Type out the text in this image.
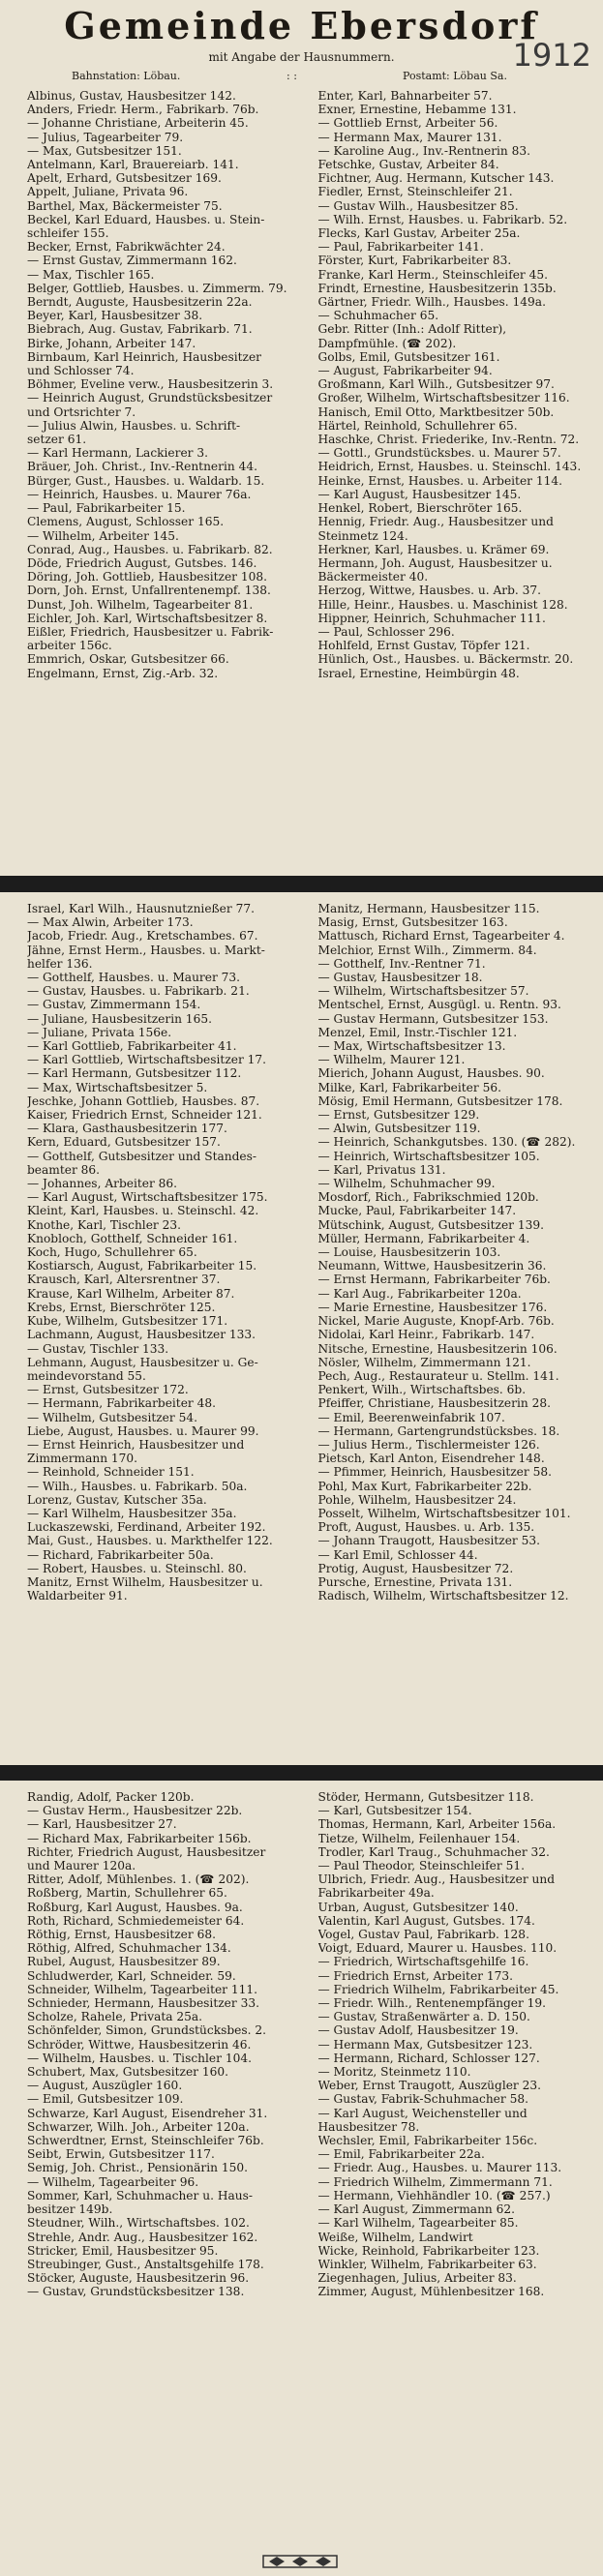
Gemeinde Ebersdorf
1912
mit Angabe der Hausnummern.
Bahnstation: Löbau.	: :	Postamt: Löbau Sa.
Albinus, Gustav, Hausbesitzer 142.
Anders, Friedr. Herm., Fabrikarb. 76b.
— Johanne Christiane, Arbeiterin 45.
— Julius, Tagearbeiter 79.
— Max, Gutsbesitzer 151.
Antelmann, Karl, Brauereiarb. 141.
Apelt, Erhard, Gutsbesitzer 169.
Appelt, Juliane, Privata 96.
Barthel, Max, Bäckermeister 75.
Beckel, Karl Eduard, Hausbes. u. Stein-
schleifer 155.
Becker, Ernst, Fabrikwächter 24.
— Ernst Gustav, Zimmermann 162.
— Max, Tischler 165.
Belger, Gottlieb, Hausbes. u. Zimmerm. 79.
Berndt, Auguste, Hausbesitzerin 22a.
Beyer, Karl, Hausbesitzer 38.
Biebrach, Aug. Gustav, Fabrikarb. 71.
Birke, Johann, Arbeiter 147.
Birnbaum, Karl Heinrich, Hausbesitzer
und Schlosser 74.
Böhmer, Eveline verw., Hausbesitzerin 3.
— Heinrich August, Grundstücksbesitzer
und Ortsrichter 7.
— Julius Alwin, Hausbes. u. Schrift-
setzer 61.
— Karl Hermann, Lackierer 3.
Bräuer, Joh. Christ., Inv.-Rentnerin 44.
Bürger, Gust., Hausbes. u. Waldarb. 15.
— Heinrich, Hausbes. u. Maurer 76a.
— Paul, Fabrikarbeiter 15.
Clemens, August, Schlosser 165.
— Wilhelm, Arbeiter 145.
Conrad, Aug., Hausbes. u. Fabrikarb. 82.
Döde, Friedrich August, Gutsbes. 146.
Döring, Joh. Gottlieb, Hausbesitzer 108.
Dorn, Joh. Ernst, Unfallrentenempf. 138.
Dunst, Joh. Wilhelm, Tagearbeiter 81.
Eichler, Joh. Karl, Wirtschaftsbesitzer 8.
Eißler, Friedrich, Hausbesitzer u. Fabrik-
arbeiter 156c.
Emmrich, Oskar, Gutsbesitzer 66.
Engelmann, Ernst, Zig.-Arb. 32.
Enter, Karl, Bahnarbeiter 57.
Exner, Ernestine, Hebamme 131.
— Gottlieb Ernst, Arbeiter 56.
— Hermann Max, Maurer 131.
— Karoline Aug., Inv.-Rentnerin 83.
Fetschke, Gustav, Arbeiter 84.
Fichtner, Aug. Hermann, Kutscher 143.
Fiedler, Ernst, Steinschleifer 21.
— Gustav Wilh., Hausbesitzer 85.
— Wilh. Ernst, Hausbes. u. Fabrikarb. 52.
Flecks, Karl Gustav, Arbeiter 25a.
— Paul, Fabrikarbeiter 141.
Förster, Kurt, Fabrikarbeiter 83.
Franke, Karl Herm., Steinschleifer 45.
Frindt, Ernestine, Hausbesitzerin 135b.
Gärtner, Friedr. Wilh., Hausbes. 149a.
— Schuhmacher 65.
Gebr. Ritter (Inh.: Adolf Ritter),
Dampfmühle. (☎ 202).
Golbs, Emil, Gutsbesitzer 161.
— August, Fabrikarbeiter 94.
Großmann, Karl Wilh., Gutsbesitzer 97.
Großer, Wilhelm, Wirtschaftsbesitzer 116.
Hanisch, Emil Otto, Marktbesitzer 50b.
Härtel, Reinhold, Schullehrer 65.
Haschke, Christ. Friederike, Inv.-Rentn. 72.
— Gottl., Grundstücksbes. u. Maurer 57.
Heidrich, Ernst, Hausbes. u. Steinschl. 143.
Heinke, Ernst, Hausbes. u. Arbeiter 114.
— Karl August, Hausbesitzer 145.
Henkel, Robert, Bierschröter 165.
Hennig, Friedr. Aug., Hausbesitzer und
Steinmetz 124.
Herkner, Karl, Hausbes. u. Krämer 69.
Hermann, Joh. August, Hausbesitzer u.
Bäckermeister 40.
Herzog, Wittwe, Hausbes. u. Arb. 37.
Hille, Heinr., Hausbes. u. Maschinist 128.
Hippner, Heinrich, Schuhmacher 111.
— Paul, Schlosser 296.
Hohlfeld, Ernst Gustav, Töpfer 121.
Hünlich, Ost., Hausbes. u. Bäckermstr. 20.
Israel, Ernestine, Heimbürgin 48.
Israel, Karl Wilh., Hausnutznießer 77.
— Max Alwin, Arbeiter 173.
Jacob, Friedr. Aug., Kretschambes. 67.
Jähne, Ernst Herm., Hausbes. u. Markt-
helfer 136.
— Gotthelf, Hausbes. u. Maurer 73.
— Gustav, Hausbes. u. Fabrikarb. 21.
— Gustav, Zimmermann 154.
— Juliane, Hausbesitzerin 165.
— Juliane, Privata 156e.
— Karl Gottlieb, Fabrikarbeiter 41.
— Karl Gottlieb, Wirtschaftsbesitzer 17.
— Karl Hermann, Gutsbesitzer 112.
— Max, Wirtschaftsbesitzer 5.
Jeschke, Johann Gottlieb, Hausbes. 87.
Kaiser, Friedrich Ernst, Schneider 121.
— Klara, Gasthausbesitzerin 177.
Kern, Eduard, Gutsbesitzer 157.
— Gotthelf, Gutsbesitzer und Standes-
beamter 86.
— Johannes, Arbeiter 86.
— Karl August, Wirtschaftsbesitzer 175.
Kleint, Karl, Hausbes. u. Steinschl. 42.
Knothe, Karl, Tischler 23.
Knobloch, Gotthelf, Schneider 161.
Koch, Hugo, Schullehrer 65.
Kostiarsch, August, Fabrikarbeiter 15.
Krausch, Karl, Altersrentner 37.
Krause, Karl Wilhelm, Arbeiter 87.
Krebs, Ernst, Bierschröter 125.
Kube, Wilhelm, Gutsbesitzer 171.
Lachmann, August, Hausbesitzer 133.
— Gustav, Tischler 133.
Lehmann, August, Hausbesitzer u. Ge-
meindevorstand 55.
— Ernst, Gutsbesitzer 172.
— Hermann, Fabrikarbeiter 48.
— Wilhelm, Gutsbesitzer 54.
Liebe, August, Hausbes. u. Maurer 99.
— Ernst Heinrich, Hausbesitzer und
Zimmermann 170.
— Reinhold, Schneider 151.
— Wilh., Hausbes. u. Fabrikarb. 50a.
Lorenz, Gustav, Kutscher 35a.
— Karl Wilhelm, Hausbesitzer 35a.
Luckaszewski, Ferdinand, Arbeiter 192.
Mai, Gust., Hausbes. u. Markthelfer 122.
— Richard, Fabrikarbeiter 50a.
— Robert, Hausbes. u. Steinschl. 80.
Manitz, Ernst Wilhelm, Hausbesitzer u.
Waldarbeiter 91.
Manitz, Hermann, Hausbesitzer 115.
Masig, Ernst, Gutsbesitzer 163.
Mattusch, Richard Ernst, Tagearbeiter 4.
Melchior, Ernst Wilh., Zimmerm. 84.
— Gotthelf, Inv.-Rentner 71.
— Gustav, Hausbesitzer 18.
— Wilhelm, Wirtschaftsbesitzer 57.
Mentschel, Ernst, Ausgügl. u. Rentn. 93.
— Gustav Hermann, Gutsbesitzer 153.
Menzel, Emil, Instr.-Tischler 121.
— Max, Wirtschaftsbesitzer 13.
— Wilhelm, Maurer 121.
Mierich, Johann August, Hausbes. 90.
Milke, Karl, Fabrikarbeiter 56.
Mösig, Emil Hermann, Gutsbesitzer 178.
— Ernst, Gutsbesitzer 129.
— Alwin, Gutsbesitzer 119.
— Heinrich, Schankgutsbes. 130. (☎ 282).
— Heinrich, Wirtschaftsbesitzer 105.
— Karl, Privatus 131.
— Wilhelm, Schuhmacher 99.
Mosdorf, Rich., Fabrikschmied 120b.
Mucke, Paul, Fabrikarbeiter 147.
Mütschink, August, Gutsbesitzer 139.
Müller, Hermann, Fabrikarbeiter 4.
— Louise, Hausbesitzerin 103.
Neumann, Wittwe, Hausbesitzerin 36.
— Ernst Hermann, Fabrikarbeiter 76b.
— Karl Aug., Fabrikarbeiter 120a.
— Marie Ernestine, Hausbesitzer 176.
Nickel, Marie Auguste, Knopf-Arb. 76b.
Nidolai, Karl Heinr., Fabrikarb. 147.
Nitsche, Ernestine, Hausbesitzerin 106.
Nösler, Wilhelm, Zimmermann 121.
Pech, Aug., Restaurateur u. Stellm. 141.
Penkert, Wilh., Wirtschaftsbes. 6b.
Pfeiffer, Christiane, Hausbesitzerin 28.
— Emil, Beerenweinfabrik 107.
— Hermann, Gartengrundstücksbes. 18.
— Julius Herm., Tischlermeister 126.
Pietsch, Karl Anton, Eisendreher 148.
— Pfimmer, Heinrich, Hausbesitzer 58.
Pohl, Max Kurt, Fabrikarbeiter 22b.
Pohle, Wilhelm, Hausbesitzer 24.
Posselt, Wilhelm, Wirtschaftsbesitzer 101.
Proft, August, Hausbes. u. Arb. 135.
— Johann Traugott, Hausbesitzer 53.
— Karl Emil, Schlosser 44.
Protig, August, Hausbesitzer 72.
Pursche, Ernestine, Privata 131.
Radisch, Wilhelm, Wirtschaftsbesitzer 12.
Randig, Adolf, Packer 120b.
— Gustav Herm., Hausbesitzer 22b.
— Karl, Hausbesitzer 27.
— Richard Max, Fabrikarbeiter 156b.
Richter, Friedrich August, Hausbesitzer
und Maurer 120a.
Ritter, Adolf, Mühlenbes. 1. (☎ 202).
Roßberg, Martin, Schullehrer 65.
Roßburg, Karl August, Hausbes. 9a.
Roth, Richard, Schmiedemeister 64.
Röthig, Ernst, Hausbesitzer 68.
Röthig, Alfred, Schuhmacher 134.
Rubel, August, Hausbesitzer 89.
Schludwerder, Karl, Schneider. 59.
Schneider, Wilhelm, Tagearbeiter 111.
Schnieder, Hermann, Hausbesitzer 33.
Scholze, Rahele, Privata 25a.
Schönfelder, Simon, Grundstücksbes. 2.
Schröder, Wittwe, Hausbesitzerin 46.
— Wilhelm, Hausbes. u. Tischler 104.
Schubert, Max, Gutsbesitzer 160.
— August, Auszügler 160.
— Emil, Gutsbesitzer 109.
Schwarze, Karl August, Eisendreher 31.
Schwarzer, Wilh. Joh., Arbeiter 120a.
Schwerdtner, Ernst, Steinschleifer 76b.
Seibt, Erwin, Gutsbesitzer 117.
Semig, Joh. Christ., Pensionärin 150.
— Wilhelm, Tagearbeiter 96.
Sommer, Karl, Schuhmacher u. Haus-
besitzer 149b.
Steudner, Wilh., Wirtschaftsbes. 102.
Strehle, Andr. Aug., Hausbesitzer 162.
Stricker, Emil, Hausbesitzer 95.
Streubinger, Gust., Anstaltsgehilfe 178.
Stöcker, Auguste, Hausbesitzerin 96.
— Gustav, Grundstücksbesitzer 138.
Stöder, Hermann, Gutsbesitzer 118.
— Karl, Gutsbesitzer 154.
Thomas, Hermann, Karl, Arbeiter 156a.
Tietze, Wilhelm, Feilenhauer 154.
Trodler, Karl Traug., Schuhmacher 32.
— Paul Theodor, Steinschleifer 51.
Ulbrich, Friedr. Aug., Hausbesitzer und
Fabrikarbeiter 49a.
Urban, August, Gutsbesitzer 140.
Valentin, Karl August, Gutsbes. 174.
Vogel, Gustav Paul, Fabrikarb. 128.
Voigt, Eduard, Maurer u. Hausbes. 110.
— Friedrich, Wirtschaftsgehilfe 16.
— Friedrich Ernst, Arbeiter 173.
— Friedrich Wilhelm, Fabrikarbeiter 45.
— Friedr. Wilh., Rentenempfänger 19.
— Gustav, Straßenwärter a. D. 150.
— Gustav Adolf, Hausbesitzer 19.
— Hermann Max, Gutsbesitzer 123.
— Hermann, Richard, Schlosser 127.
— Moritz, Steinmetz 110.
Weber, Ernst Traugott, Auszügler 23.
— Gustav, Fabrik-Schuhmacher 58.
— Karl August, Weichensteller und
Hausbesitzer 78.
Wechsler, Emil, Fabrikarbeiter 156c.
— Emil, Fabrikarbeiter 22a.
— Friedr. Aug., Hausbes. u. Maurer 113.
— Friedrich Wilhelm, Zimmermann 71.
— Hermann, Viehhändler 10. (☎ 257.)
— Karl August, Zimmermann 62.
— Karl Wilhelm, Tagearbeiter 85.
Weiße, Wilhelm, Landwirt
Wicke, Reinhold, Fabrikarbeiter 123.
Winkler, Wilhelm, Fabrikarbeiter 63.
Ziegenhagen, Julius, Arbeiter 83.
Zimmer, August, Mühlenbesitzer 168.
